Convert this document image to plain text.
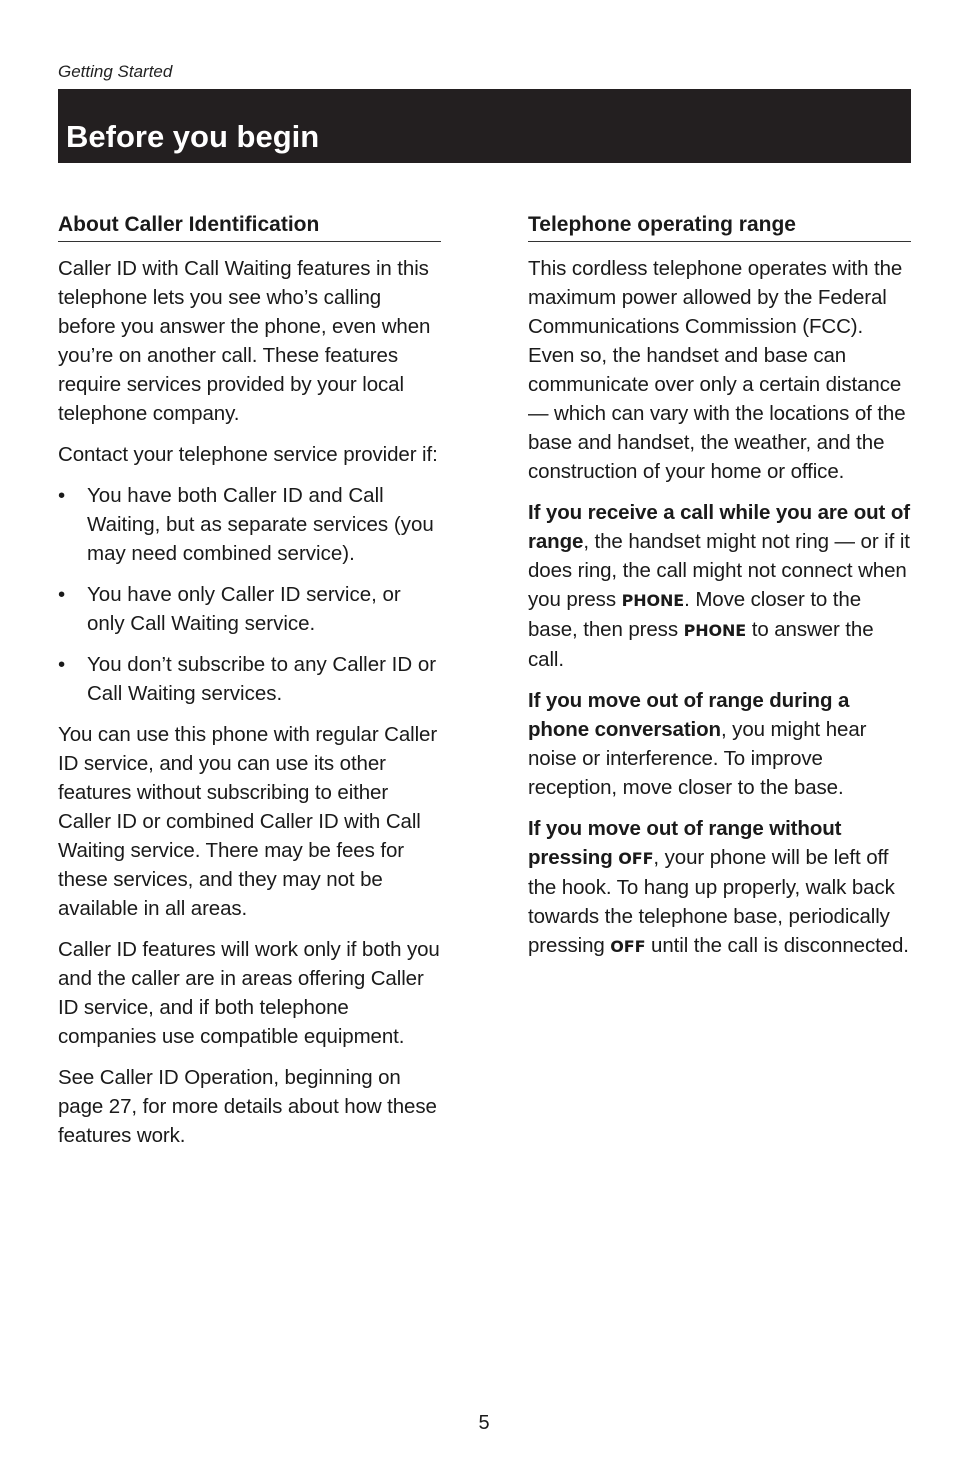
Getting Started
Before you begin
About Caller Identification

Caller ID with Call Waiting features in this telephone lets you see who’s calling before you answer the phone, even when you’re on another call. These features require services provided by your local telephone company.

Contact your telephone service provider if:

• You have both Caller ID and Call Waiting, but as separate services (you may need combined service).
• You have only Caller ID service, or only Call Waiting service.
• You don’t subscribe to any Caller ID or Call Waiting services.

You can use this phone with regular Caller ID service, and you can use its other features without subscribing to either Caller ID or combined Caller ID with Call Waiting service. There may be fees for these services, and they may not be available in all areas.

Caller ID features will work only if both you and the caller are in areas offering Caller ID service, and if both telephone companies use compatible equipment.

See Caller ID Operation, beginning on page 27, for more details about how these features work.

Telephone operating range

This cordless telephone operates with the maximum power allowed by the Federal Communications Commission (FCC). Even so, the handset and base can communicate over only a certain distance — which can vary with the locations of the base and handset, the weather, and the construction of your home or office.

If you receive a call while you are out of range, the handset might not ring — or if it does ring, the call might not connect when you press PHONE. Move closer to the base, then press PHONE to answer the call.

If you move out of range during a phone conversation, you might hear noise or interference. To improve reception, move closer to the base.

If you move out of range without pressing OFF, your phone will be left off the hook. To hang up properly, walk back towards the telephone base, periodically pressing OFF until the call is disconnected.

5
